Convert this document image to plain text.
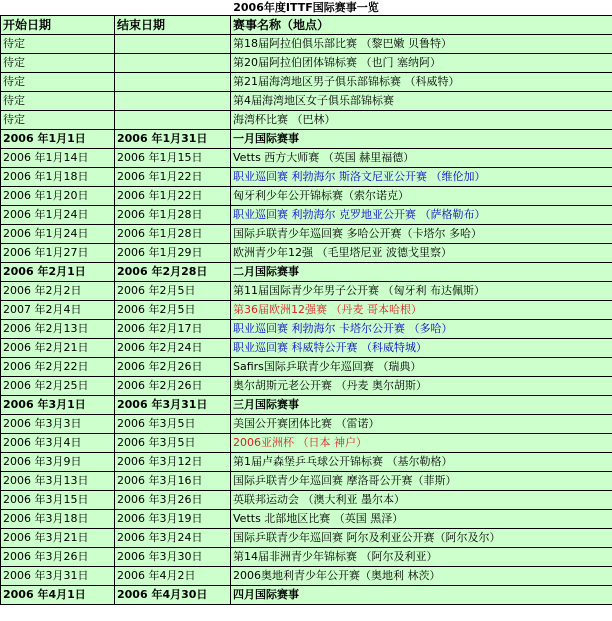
2006年度ITTF国际赛事一览
开始日期	结束日期	赛事名称（地点）
待定		第18届阿拉伯俱乐部比赛 （黎巴嫩 贝鲁特）
待定		第20届阿拉伯团体锦标赛 （也门 塞纳阿）
待定		第21届海湾地区男子俱乐部锦标赛 （科威特）
待定		第4届海湾地区女子俱乐部锦标赛
待定		海湾杯比赛 （巴林）
2006 年1月1日	2006 年1月31日	一月国际赛事
2006 年1月14日	2006 年1月15日	Vetts 西方大师赛 （英国 赫里福德）
2006 年1月18日	2006 年1月22日	职业巡回赛 利勃海尔 斯洛文尼亚公开赛 （维伦加）
2006 年1月20日	2006 年1月22日	匈牙利少年公开锦标赛（索尔诺克）
2006 年1月24日	2006 年1月28日	职业巡回赛 利勃海尔 克罗地亚公开赛 （萨格勒布）
2006 年1月24日	2006 年1月28日	国际乒联青少年巡回赛 多哈公开赛（卡塔尔 多哈）
2006 年1月27日	2006 年1月29日	欧洲青少年12强 （毛里塔尼亚 波德戈里察）
2006 年2月1日	2006 年2月28日	二月国际赛事
2006 年2月2日	2006 年2月5日	第11届国际青少年男子公开赛 （匈牙利 布达佩斯）
2007 年2月4日	2006 年2月5日	第36届欧洲12强赛 （丹麦 哥本哈根）
2006 年2月13日	2006 年2月17日	职业巡回赛 利勃海尔 卡塔尔公开赛 （多哈）
2006 年2月21日	2006 年2月24日	职业巡回赛 科威特公开赛 （科威特城）
2006 年2月22日	2006 年2月26日	Safirs国际乒联青少年巡回赛 （瑞典）
2006 年2月25日	2006 年2月26日	奥尔胡斯元老公开赛 （丹麦 奥尔胡斯）
2006 年3月1日	2006 年3月31日	三月国际赛事
2006 年3月3日	2006 年3月5日	美国公开赛团体比赛 （雷诺）
2006 年3月4日	2006 年3月5日	2006亚洲杯 （日本 神户）
2006 年3月9日	2006 年3月12日	第1届卢森堡乒乓球公开锦标赛 （基尔勒格）
2006 年3月13日	2006 年3月16日	国际乒联青少年巡回赛 摩洛哥公开赛（菲斯）
2006 年3月15日	2006 年3月26日	英联邦运动会 （澳大利亚 墨尔本）
2006 年3月18日	2006 年3月19日	Vetts 北部地区比赛 （英国 黑泽）
2006 年3月21日	2006 年3月24日	国际乒联青少年巡回赛 阿尔及利亚公开赛（阿尔及尔）
2006 年3月26日	2006 年3月30日	第14届非洲青少年锦标赛 （阿尔及利亚）
2006 年3月31日	2006 年4月2日	2006奥地利青少年公开赛（奥地利 林茨）
2006 年4月1日	2006 年4月30日	四月国际赛事
